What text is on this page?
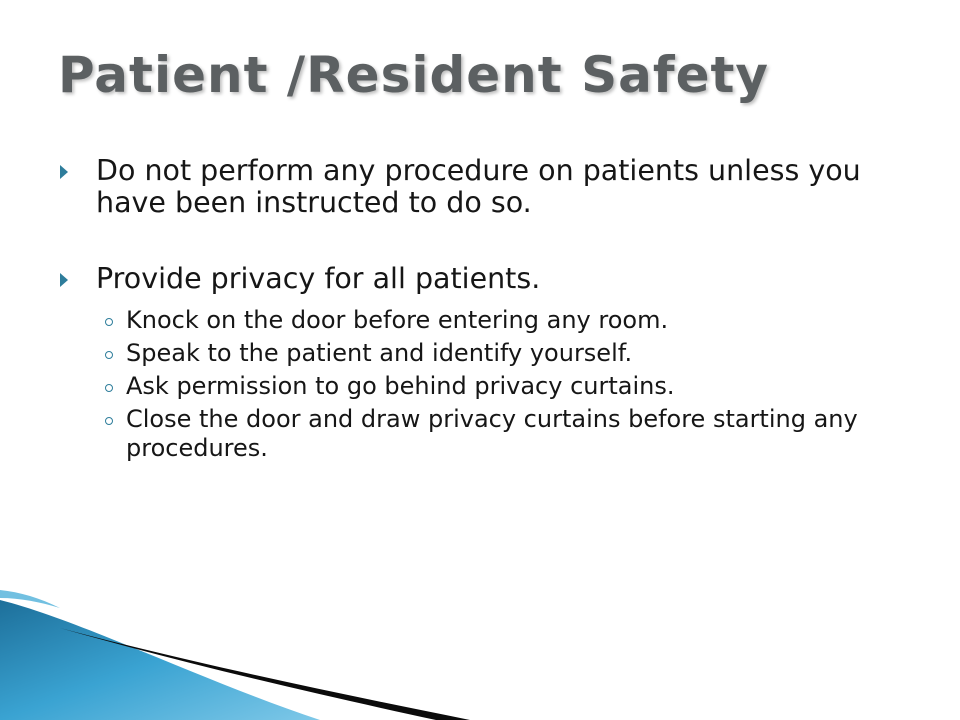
Patient /Resident Safety
Do not perform any procedure on patients unless you have been instructed to do so.
Provide privacy for all patients.
Knock on the door before entering any room.
Speak to the patient and identify yourself.
Ask permission to go behind privacy curtains.
Close the door and draw privacy curtains before starting any procedures.
